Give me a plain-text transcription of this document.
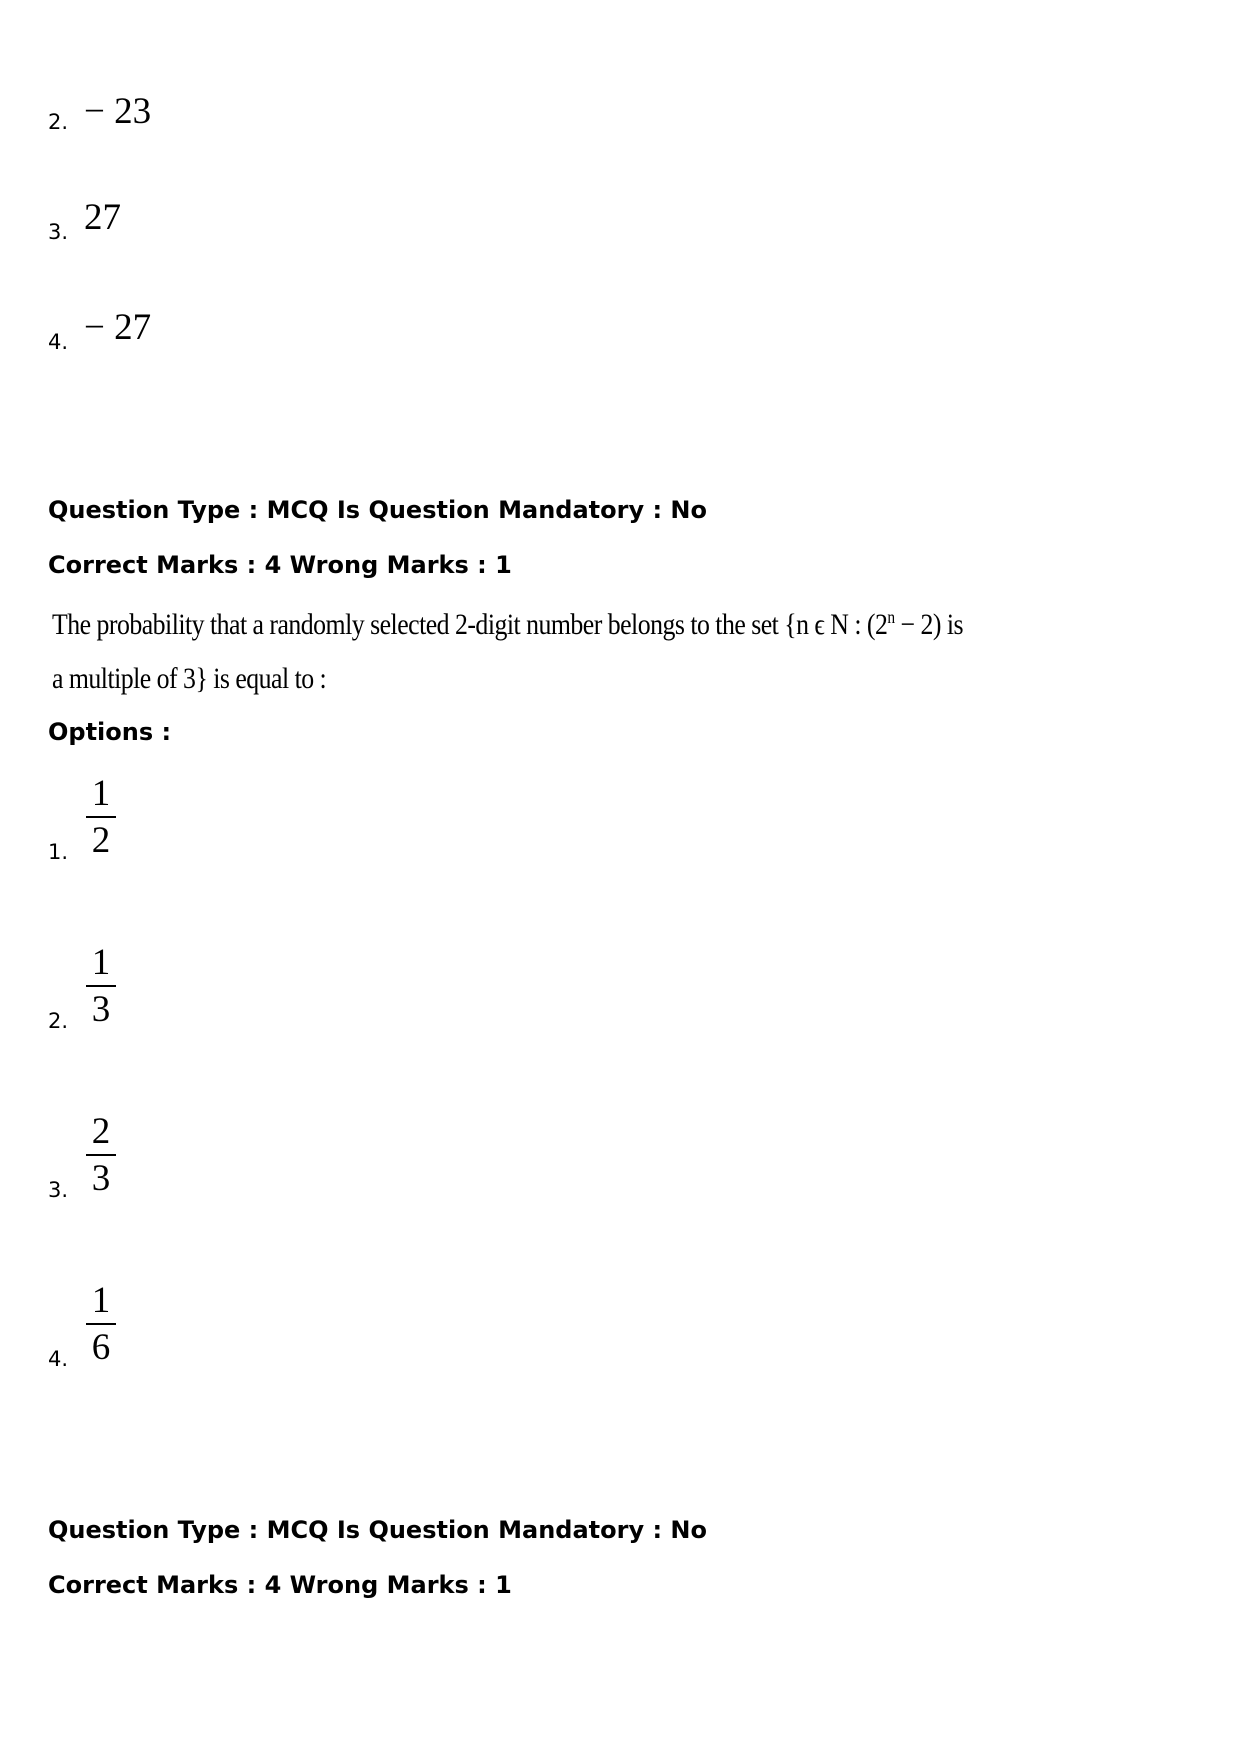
2. − 23
3. 27
4. − 27
Question Type : MCQ Is Question Mandatory : No
Correct Marks : 4 Wrong Marks : 1
The probability that a randomly selected 2-digit number belongs to the set {n ϵ N : $(2^n - 2)$ is
a multiple of 3} is equal to :
Options :
1.
1
2
2.
1
3
3.
2
3
4.
1
6
Question Type : MCQ Is Question Mandatory : No
Correct Marks : 4 Wrong Marks : 1
